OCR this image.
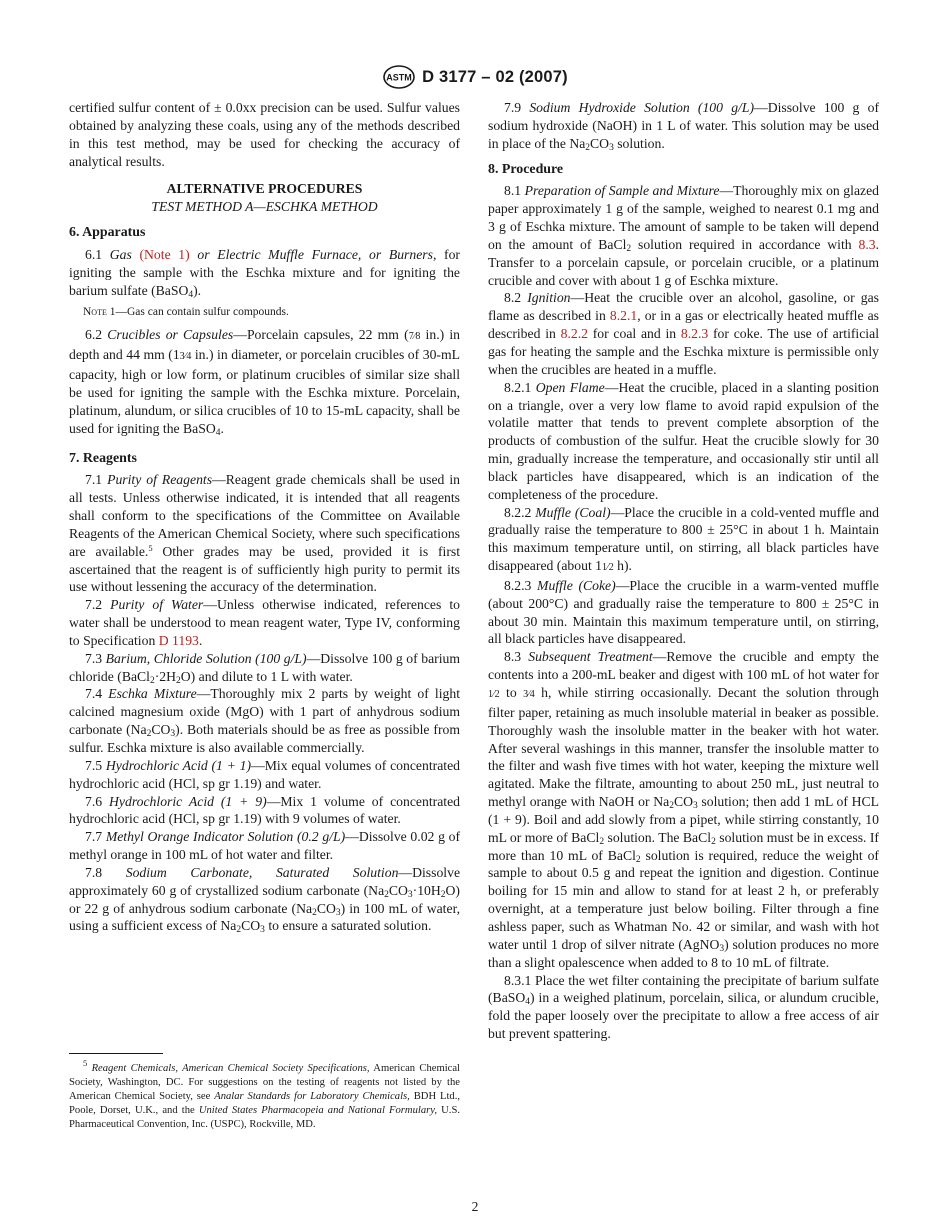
ASTM D 3177 – 02 (2007)

certified sulfur content of ± 0.0xx precision can be used. Sulfur values obtained by analyzing these coals, using any of the methods described in this test method, may be used for checking the accuracy of analytical results.

ALTERNATIVE PROCEDURES

TEST METHOD A—ESCHKA METHOD

6. Apparatus

6.1 Gas (Note 1) or Electric Muffle Furnace, or Burners, for igniting the sample with the Eschka mixture and for igniting the barium sulfate (BaSO$_4$).

Note 1—Gas can contain sulfur compounds.

6.2 Crucibles or Capsules—Porcelain capsules, 22 mm (7⁄8 in.) in depth and 44 mm (13⁄4 in.) in diameter, or porcelain crucibles of 30-mL capacity, high or low form, or platinum crucibles of similar size shall be used for igniting the sample with the Eschka mixture. Porcelain, platinum, alundum, or silica crucibles of 10 to 15-mL capacity, shall be used for igniting the BaSO$_4$.

7. Reagents

7.1 Purity of Reagents—Reagent grade chemicals shall be used in all tests. Unless otherwise indicated, it is intended that all reagents shall conform to the specifications of the Committee on Available Reagents of the American Chemical Society, where such specifications are available.$^5$ Other grades may be used, provided it is first ascertained that the reagent is of sufficiently high purity to permit its use without lessening the accuracy of the determination.

7.2 Purity of Water—Unless otherwise indicated, references to water shall be understood to mean reagent water, Type IV, conforming to Specification D 1193.

7.3 Barium, Chloride Solution (100 g/L)—Dissolve 100 g of barium chloride $(BaCl_2\cdot 2H_2O)$ and dilute to 1 L with water.

7.4 Eschka Mixture—Thoroughly mix 2 parts by weight of light calcined magnesium oxide (MgO) with 1 part of anhydrous sodium carbonate $(Na_2CO_3)$. Both materials should be as free as possible from sulfur. Eschka mixture is also available commercially.

7.5 Hydrochloric Acid (1 + 1)—Mix equal volumes of concentrated hydrochloric acid (HCl, sp gr 1.19) and water.

7.6 Hydrochloric Acid (1 + 9)—Mix 1 volume of concentrated hydrochloric acid (HCl, sp gr 1.19) with 9 volumes of water.

7.7 Methyl Orange Indicator Solution (0.2 g/L)—Dissolve 0.02 g of methyl orange in 100 mL of hot water and filter.

7.8 Sodium Carbonate, Saturated Solution—Dissolve approximately 60 g of crystallized sodium carbonate $(Na_2CO_3\cdot 10H_2O)$ or 22 g of anhydrous sodium carbonate $(Na_2CO_3)$ in 100 mL of water, using a sufficient excess of $Na_2CO_3$ to ensure a saturated solution.

$^5$ Reagent Chemicals, American Chemical Society Specifications, American Chemical Society, Washington, DC. For suggestions on the testing of reagents not listed by the American Chemical Society, see Analar Standards for Laboratory Chemicals, BDH Ltd., Poole, Dorset, U.K., and the United States Pharmacopeia and National Formulary, U.S. Pharmaceutical Convention, Inc. (USPC), Rockville, MD.

7.9 Sodium Hydroxide Solution (100 g/L)—Dissolve 100 g of sodium hydroxide (NaOH) in 1 L of water. This solution may be used in place of the $Na_2CO_3$ solution.

8. Procedure

8.1 Preparation of Sample and Mixture—Thoroughly mix on glazed paper approximately 1 g of the sample, weighed to nearest 0.1 mg and 3 g of Eschka mixture. The amount of sample to be taken will depend on the amount of BaCl$_2$ solution required in accordance with 8.3. Transfer to a porcelain capsule, or porcelain crucible, or a platinum crucible and cover with about 1 g of Eschka mixture.

8.2 Ignition—Heat the crucible over an alcohol, gasoline, or gas flame as described in 8.2.1, or in a gas or electrically heated muffle as described in 8.2.2 for coal and in 8.2.3 for coke. The use of artificial gas for heating the sample and the Eschka mixture is permissible only when the crucibles are heated in a muffle.

8.2.1 Open Flame—Heat the crucible, placed in a slanting position on a triangle, over a very low flame to avoid rapid expulsion of the volatile matter that tends to prevent complete absorption of the products of combustion of the sulfur. Heat the crucible slowly for 30 min, gradually increase the temperature, and occasionally stir until all black particles have disappeared, which is an indication of the completeness of the procedure.

8.2.2 Muffle (Coal)—Place the crucible in a cold-vented muffle and gradually raise the temperature to 800 ± 25°C in about 1 h. Maintain this maximum temperature until, on stirring, all black particles have disappeared (about 11⁄2 h).

8.2.3 Muffle (Coke)—Place the crucible in a warm-vented muffle (about 200°C) and gradually raise the temperature to 800 ± 25°C in about 30 min. Maintain this maximum temperature until, on stirring, all black particles have disappeared.

8.3 Subsequent Treatment—Remove the crucible and empty the contents into a 200-mL beaker and digest with 100 mL of hot water for 1⁄2 to 3⁄4 h, while stirring occasionally. Decant the solution through filter paper, retaining as much insoluble material in beaker as possible. Thoroughly wash the insoluble matter in the beaker with hot water. After several washings in this manner, transfer the insoluble matter to the filter and wash five times with hot water, keeping the mixture well agitated. Make the filtrate, amounting to about 250 mL, just neutral to methyl orange with NaOH or $Na_2CO_3$ solution; then add 1 mL of HCL (1 + 9). Boil and add slowly from a pipet, while stirring constantly, 10 mL or more of BaCl$_2$ solution. The BaCl$_2$ solution must be in excess. If more than 10 mL of BaCl$_2$ solution is required, reduce the weight of sample to about 0.5 g and repeat the ignition and digestion. Continue boiling for 15 min and allow to stand for at least 2 h, or preferably overnight, at a temperature just below boiling. Filter through a fine ashless paper, such as Whatman No. 42 or similar, and wash with hot water until 1 drop of silver nitrate (AgNO$_3$) solution produces no more than a slight opalescence when added to 8 to 10 mL of filtrate.

8.3.1 Place the wet filter containing the precipitate of barium sulfate (BaSO$_4$) in a weighed platinum, porcelain, silica, or alundum crucible, fold the paper loosely over the precipitate to allow a free access of air but prevent spattering.

2
